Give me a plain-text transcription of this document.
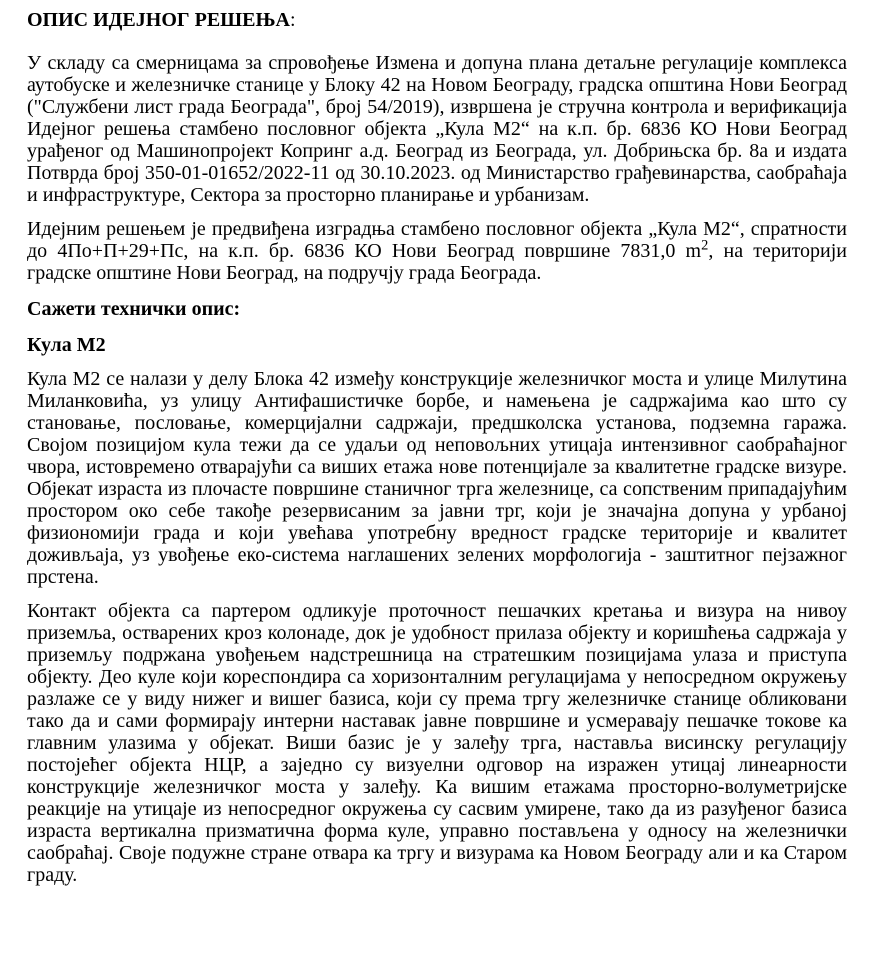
ОПИС ИДЕЈНОГ РЕШЕЊА:

У складу са смерницама за спровођење Измена и допуна плана детаљне регулације комплекса аутобуске и железничке станице у Блоку 42 на Новом Београду, градска општина Нови Београд ("Службени лист града Београда", број 54/2019), извршена је стручна контрола и верификација Идејног решења стамбено пословног објекта „Кула М2“ на к.п. бр. 6836 КО Нови Београд урађеног од Машинопројект Копринг а.д. Београд из Београда, ул. Добрињска бр. 8а и издата Потврда број 350-01-01652/2022-11 од 30.10.2023. од Министарство грађевинарства, саобраћаја и инфраструктуре, Сектора за просторно планирање и урбанизам.

Идејним решењем је предвиђена изградња стамбено пословног објекта „Кула М2“, спратности до 4По+П+29+Пс, на к.п. бр. 6836 КО Нови Београд површине 7831,0 $m^2$, на територији градске општине Нови Београд, на подручју града Београда.

Сажети технички опис:
Кула М2

Кула М2 се налази у делу Блока 42 између конструкције железничког моста и улице Милутина Миланковића, уз улицу Антифашистичке борбе, и намењена је садржајима као што су становање, пословање, комерцијални садржаји, предшколска установа, подземна гаража. Својом позицијом кула тежи да се удаљи од неповољних утицаја интензивног саобраћајног чвора, истовремено отварајући са виших етажа нове потенцијале за квалитетне градске визуре. Објекат израста из плочасте површине станичног трга железнице, са сопственим припадајућим простором око себе такође резервисаним за јавни трг, који је значајна допуна у урбаној физиономији града и који увећава употребну вредност градске територије и квалитет доживљаја, уз увођење еко-система наглашених зелених морфологија - заштитног пејзажног прстена.

Контакт објекта са партером одликује проточност пешачких кретања и визура на нивоу приземља, остварених кроз колонаде, док је удобност прилаза објекту и коришћења садржаја у приземљу подржана увођењем надстрешница на стратешким позицијама улаза и приступа објекту. Део куле који кореспондира са хоризонталним регулацијама у непосредном окружењу разлаже се у виду нижег и вишег базиса, који су према тргу железничке станице обликовани тако да и сами формирају интерни наставак јавне површине и усмеравају пешачке токове ка главним улазима у објекат. Виши базис је у залеђу трга, наставља висинску регулацију постојећег објекта НЦР, а заједно су визуелни одговор на изражен утицај линеарности конструкције железничког моста у залеђу. Ка вишим етажама просторно-волуметријске реакције на утицаје из непосредног окружења су сасвим умирене, тако да из разуђеног базиса израста вертикална призматична форма куле, управно постављена у односу на железнички саобраћај. Своје подужне стране отвара ка тргу и визурама ка Новом Београду али и ка Старом граду.
